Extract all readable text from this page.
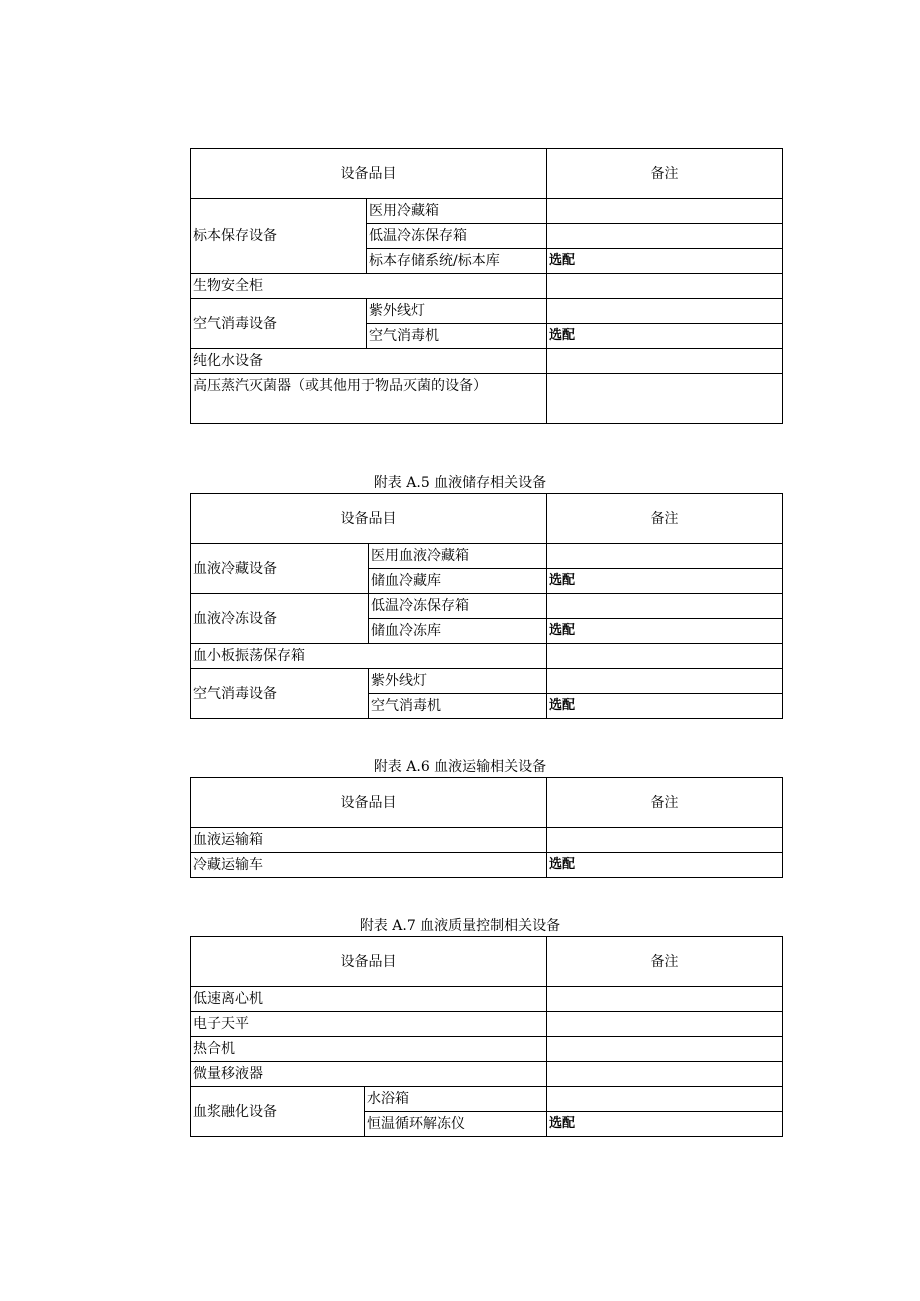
设备品目		备注
标本保存设备	医用冷藏箱	
	低温冷冻保存箱	
	标本存储系统/标本库	选配
生物安全柜		
空气消毒设备	紫外线灯	
	空气消毒机	选配
纯化水设备		
高压蒸汽灭菌器（或其他用于物品灭菌的设备）		
附表 A.5 血液储存相关设备
设备品目		备注
血液冷藏设备	医用血液冷藏箱	
	储血冷藏库	选配
血液冷冻设备	低温冷冻保存箱	
	储血冷冻库	选配
血小板振荡保存箱		
空气消毒设备	紫外线灯	
	空气消毒机	选配
附表 A.6 血液运输相关设备
设备品目	备注
血液运输箱	
冷藏运输车	选配
附表 A.7 血液质量控制相关设备
设备品目		备注
低速离心机		
电子天平		
热合机		
微量移液器		
血浆融化设备	水浴箱	
	恒温循环解冻仪	选配
